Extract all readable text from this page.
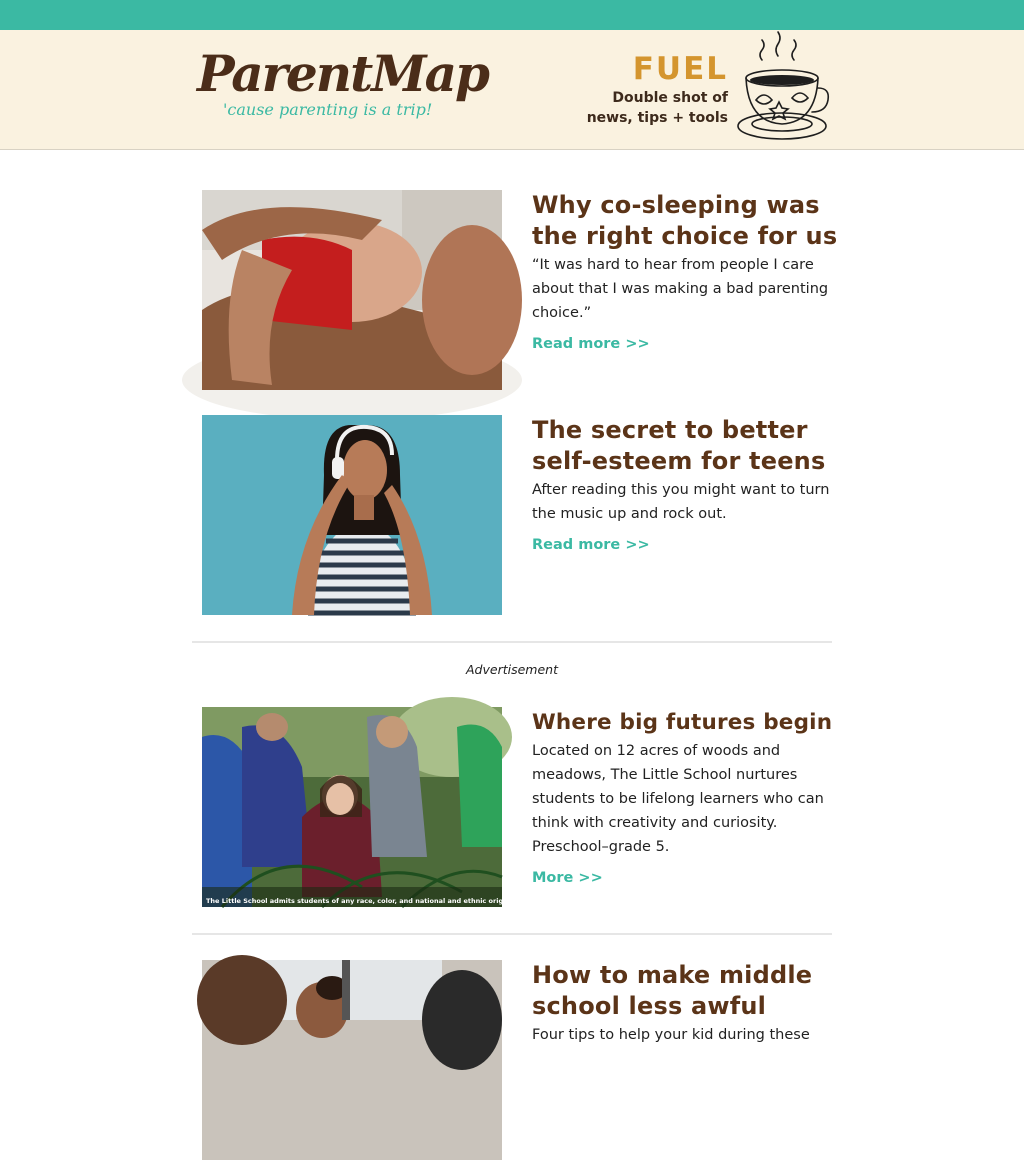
ParentMap
'cause parenting is a trip!
FUEL
Double shot of
news, tips + tools
Why co-sleeping was the right choice for us
“It was hard to hear from people I care about that I was making a bad parenting choice.”
Read more >>
The secret to better self-esteem for teens
After reading this you might want to turn the music up and rock out.
Read more >>
Advertisement
The Little School admits students of any race, color, and national and ethnic origin
Where big futures begin
Located on 12 acres of woods and meadows, The Little School nurtures students to be lifelong learners who can think with creativity and curiosity. Preschool–grade 5.
More >>
How to make middle school less awful
Four tips to help your kid during these
